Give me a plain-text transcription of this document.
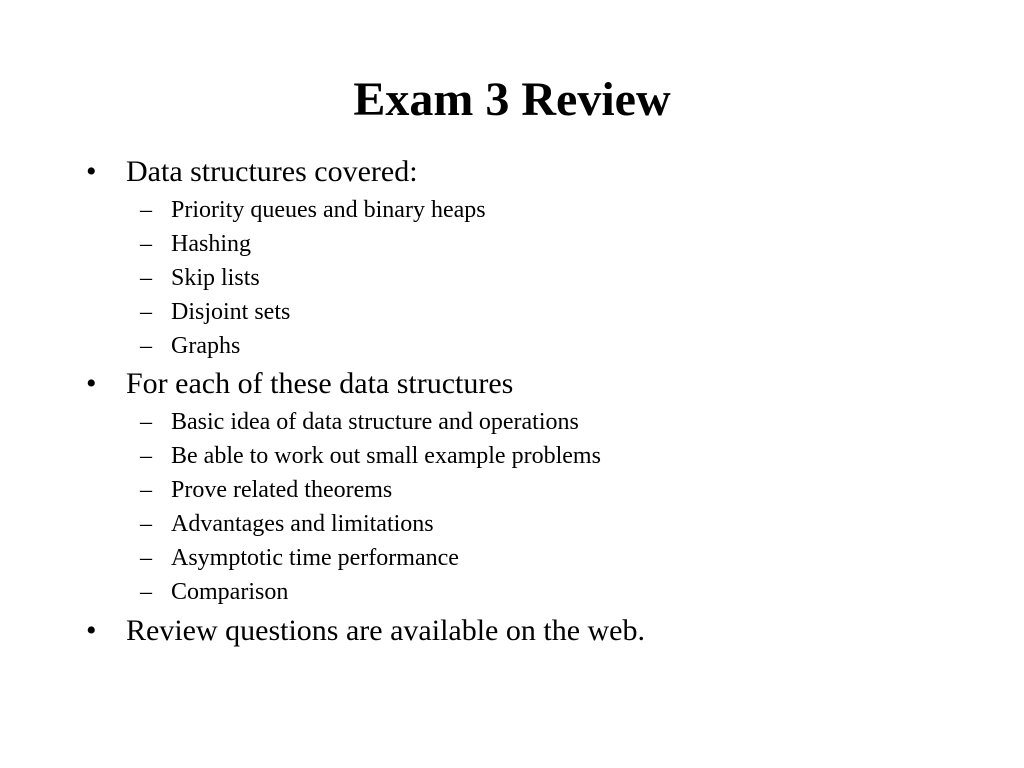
Exam 3 Review
• Data structures covered:
– Priority queues and binary heaps
– Hashing
– Skip lists
– Disjoint sets
– Graphs
• For each of these data structures
– Basic idea of data structure and operations
– Be able to work out small example problems
– Prove related theorems
– Advantages and limitations
– Asymptotic time performance
– Comparison
• Review questions are available on the web.
